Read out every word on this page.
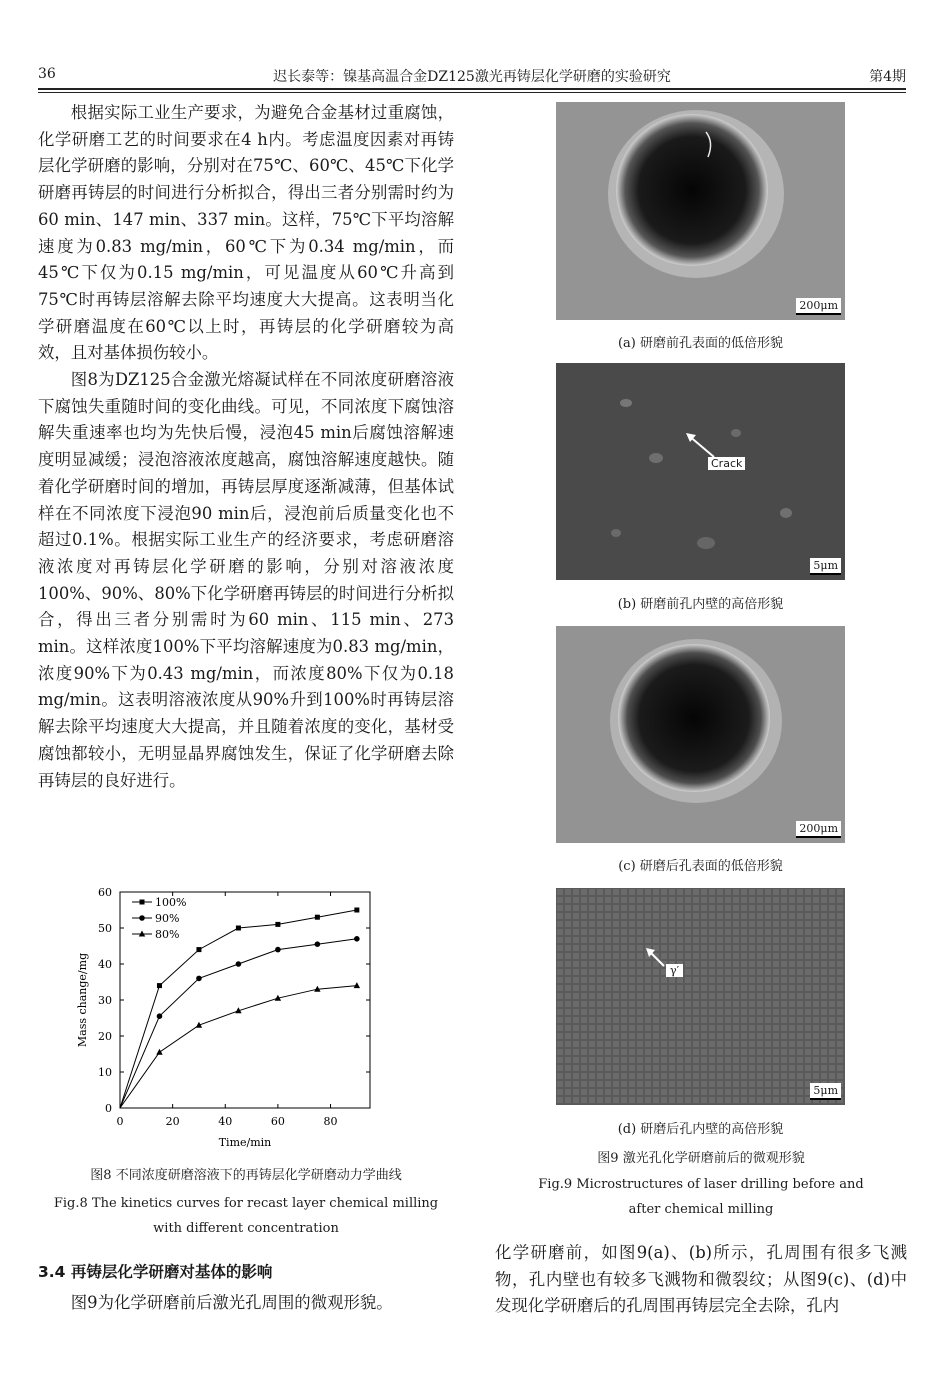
36	迟长泰等：镍基高温合金DZ125激光再铸层化学研磨的实验研究	第4期

根据实际工业生产要求，为避免合金基材过重腐蚀，化学研磨工艺的时间要求在4 h内。考虑温度因素对再铸层化学研磨的影响，分别对在75℃、60℃、45℃下化学研磨再铸层的时间进行分析拟合，得出三者分别需时约为60 min、147 min、337 min。这样，75℃下平均溶解速度为0.83 mg/min，60℃下为0.34 mg/min，而45℃下仅为0.15 mg/min，可见温度从60℃升高到75℃时再铸层溶解去除平均速度大大提高。这表明当化学研磨温度在60℃以上时，再铸层的化学研磨较为高效，且对基体损伤较小。

图8为DZ125合金激光熔凝试样在不同浓度研磨溶液下腐蚀失重随时间的变化曲线。可见，不同浓度下腐蚀溶解失重速率也均为先快后慢，浸泡45 min后腐蚀溶解速度明显减缓；浸泡溶液浓度越高，腐蚀溶解速度越快。随着化学研磨时间的增加，再铸层厚度逐渐减薄，但基体试样在不同浓度下浸泡90 min后，浸泡前后质量变化也不超过0.1%。根据实际工业生产的经济要求，考虑研磨溶液浓度对再铸层化学研磨的影响，分别对溶液浓度100%、90%、80%下化学研磨再铸层的时间进行分析拟合，得出三者分别需时为60 min、115 min、273 min。这样浓度100%下平均溶解速度为0.83 mg/min，浓度90%下为0.43 mg/min，而浓度80%下仅为0.18 mg/min。这表明溶液浓度从90%升到100%时再铸层溶解去除平均速度大大提高，并且随着浓度的变化，基材受腐蚀都较小，无明显晶界腐蚀发生，保证了化学研磨去除再铸层的良好进行。

0	20	40	60	80
0
10
20
30
40
50
60
Time/min
Mass change/mg
100%
90%
80%
图8 不同浓度研磨溶液下的再铸层化学研磨动力学曲线
Fig.8 The kinetics curves for recast layer chemical milling
with different concentration
3.4 再铸层化学研磨对基体的影响

图9为化学研磨前后激光孔周围的微观形貌。

200μm
(a) 研磨前孔表面的低倍形貌
Crack
5μm
(b) 研磨前孔内壁的高倍形貌
200μm
(c) 研磨后孔表面的低倍形貌
γ′
5μm
(d) 研磨后孔内壁的高倍形貌
图9 激光孔化学研磨前后的微观形貌
Fig.9 Microstructures of laser drilling before and
after chemical milling

化学研磨前，如图9(a)、(b)所示，孔周围有很多飞溅物，孔内壁也有较多飞溅物和微裂纹；从图9(c)、(d)中发现化学研磨后的孔周围再铸层完全去除，孔内
